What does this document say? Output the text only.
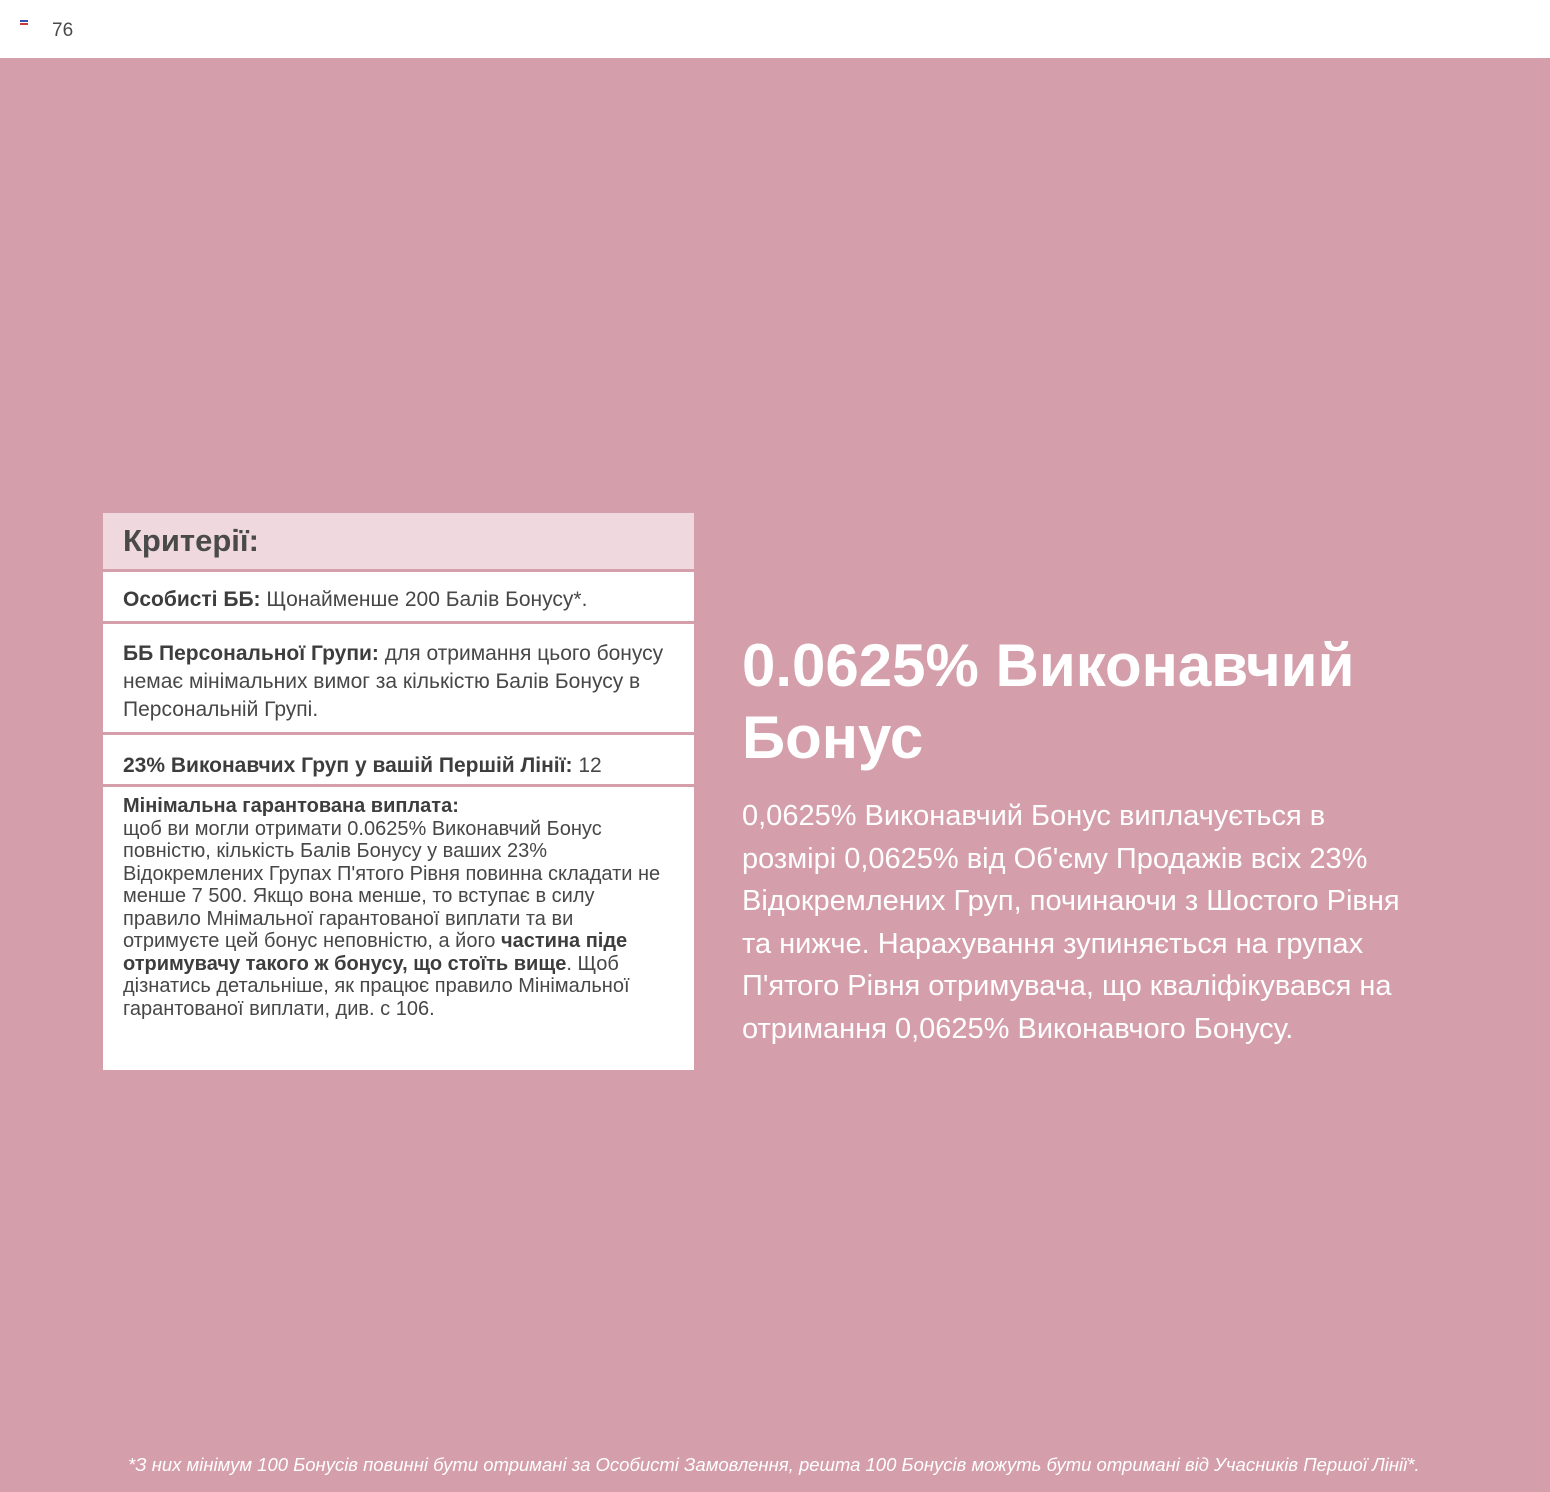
76
Критерії:
Особисті ББ: Щонайменше 200 Балів Бонусу*.
ББ Персональної Групи: для отримання цього бонусу немає мінімальних вимог за кількістю Балів Бонусу в Персональній Групі.
23% Виконавчих Груп у вашій Першій Лінії: 12
Мінімальна гарантована виплата:
щоб ви могли отримати 0.0625% Виконавчий Бонус повністю, кількість Балів Бонусу у ваших 23% Відокремлених Групах П'ятого Рівня повинна складати не менше 7 500. Якщо вона менше, то вступає в силу правило Мнімальної гарантованої виплати та ви отримуєте цей бонус неповністю, а його частина піде отримувачу такого ж бонусу, що стоїть вище. Щоб дізнатись детальніше, як працює правило Мінімальної гарантованої виплати, див. с 106.
0.0625% Виконавчий Бонус
0,0625% Виконавчий Бонус виплачується в розмірі 0,0625% від Об'єму Продажів всіх 23% Відокремлених Груп, починаючи з Шостого Рівня та нижче. Нарахування зупиняється на групах П'ятого Рівня отримувача, що кваліфікувався на отримання 0,0625% Виконавчого Бонусу.
*З них мінімум 100 Бонусів повинні бути отримані за Особисті Замовлення, решта 100 Бонусів можуть бути отримані від Учасників Першої Лінії*.
